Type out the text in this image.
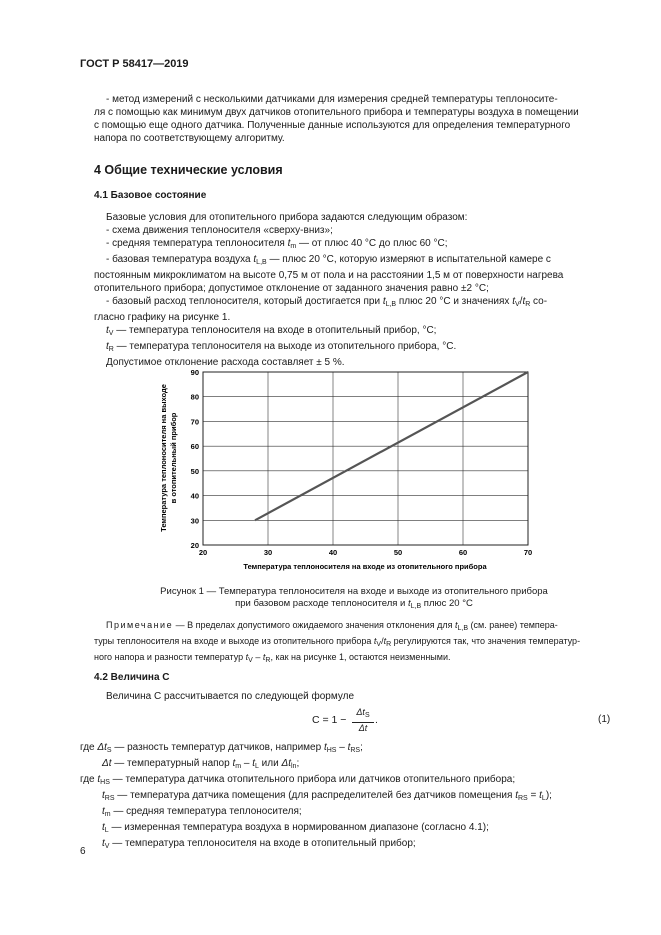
ГОСТ Р 58417—2019
- метод измерений с несколькими датчиками для измерения средней температуры теплоносите-
ля с помощью как минимум двух датчиков отопительного прибора и температуры воздуха в помещении
с помощью еще одного датчика. Полученные данные используются для определения температурного
напора по соответствующему алгоритму.
4 Общие технические условия
4.1 Базовое состояние
Базовые условия для отопительного прибора задаются следующим образом:
- схема движения теплоносителя «сверху-вниз»;
- средняя температура теплоносителя $t_m$ — от плюс 40 °С до плюс 60 °С;
- базовая температура воздуха $t_{L,B}$ — плюс 20 °С, которую измеряют в испытательной камере с
постоянным микроклиматом на высоте 0,75 м от пола и на расстоянии 1,5 м от поверхности нагрева
отопительного прибора; допустимое отклонение от заданного значения равно ±2 °С;
- базовый расход теплоносителя, который достигается при $t_{L,B}$ плюс 20 °С и значениях $t_V/t_R$ со-
гласно графику на рисунке 1.
$t_V$ — температура теплоносителя на входе в отопительный прибор, °С;
$t_R$ — температура теплоносителя на выходе из отопительного прибора, °С.
Допустимое отклонение расхода составляет ± 5 %.
20	30	40	50	60	70
20
30
40
50
60
70
80
90
Температура теплоносителя на входе из отопительного прибора
Температура теплоносителя на выходе в отопительный прибор
Рисунок 1 — Температура теплоносителя на входе и выходе из отопительного прибора
при базовом расходе теплоносителя и $t_{L,B}$ плюс 20 °С
Примечание — В пределах допустимого ожидаемого значения отклонения для $t_{L,B}$ (см. ранее) темпера-
туры теплоносителя на входе и выходе из отопительного прибора $t_V/t_R$ регулируются так, что значения температур-
ного напора и разности температур $t_V - t_R$, как на рисунке 1, остаются неизменными.
4.2 Величина С
Величина С рассчитывается по следующей формуле
С = 1 −
$\Delta t_S$
Δt
.	(1)
где $\Delta t_S$ — разность температур датчиков, например $t_{HS} - t_{RS}$;
Δt — температурный напор $t_m - t_L$ или $\Delta t_{ln}$;
где $t_{HS}$ — температура датчика отопительного прибора или датчиков отопительного прибора;
$t_{RS}$ — температура датчика помещения (для распределителей без датчиков помещения $t_{RS} = t_L$);
$t_m$ — средняя температура теплоносителя;
$t_L$ — измеренная температура воздуха в нормированном диапазоне (согласно 4.1);
$t_V$ — температура теплоносителя на входе в отопительный прибор;
6
